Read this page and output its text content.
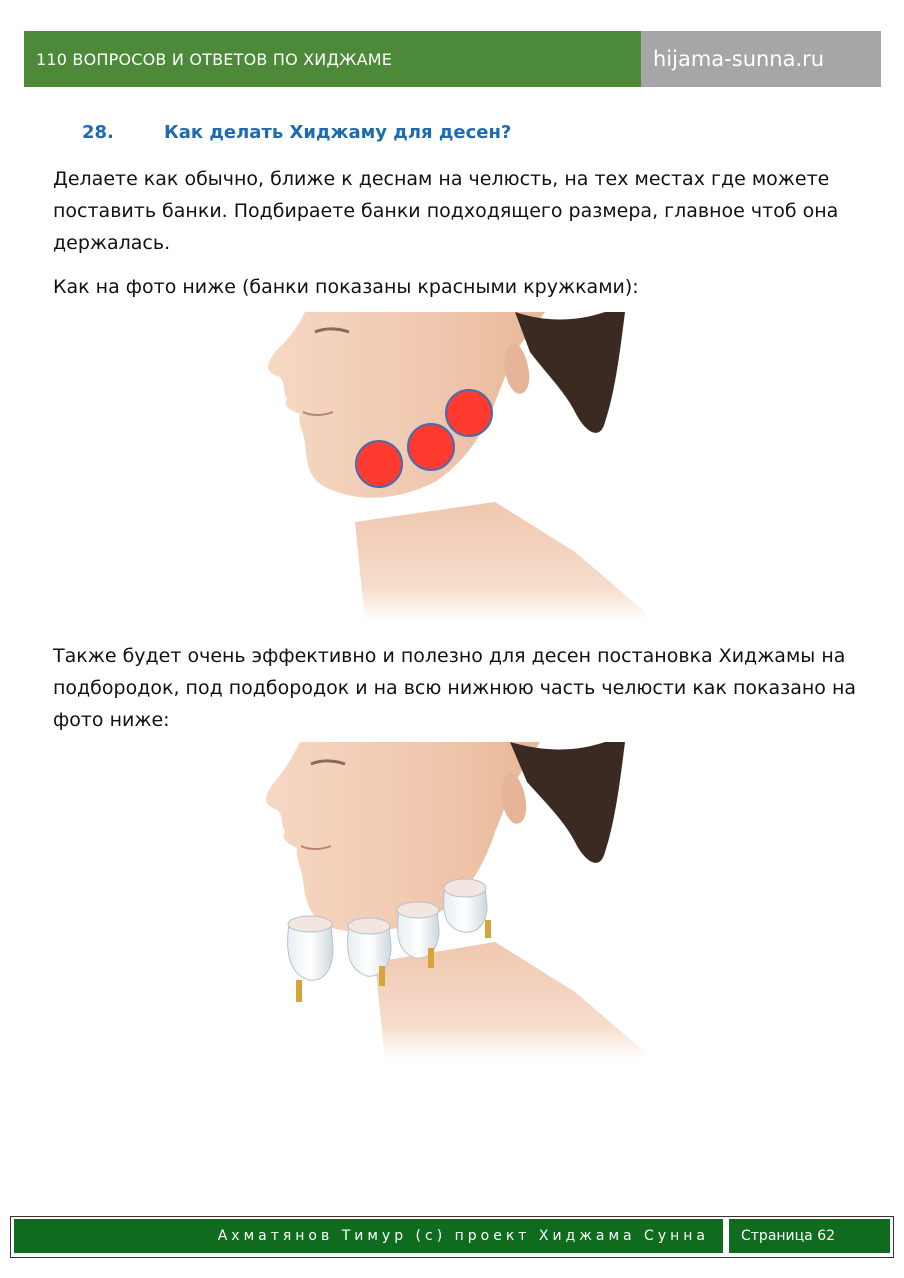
110 ВОПРОСОВ И ОТВЕТОВ ПО ХИДЖАМЕ	hijama-sunna.ru
28.	Как делать Хиджаму для десен?

Делаете как обычно, ближе к деснам на челюсть, на тех местах где можете поставить банки. Подбираете банки подходящего размера, главное чтоб она держалась.

Как на фото ниже (банки показаны красными кружками):

Также будет очень эффективно и полезно для десен постановка Хиджамы на подбородок, под подбородок и на всю нижнюю часть челюсти как показано на фото ниже:

Ахматянов Тимур (с) проект Хиджама Сунна	Страница 62
